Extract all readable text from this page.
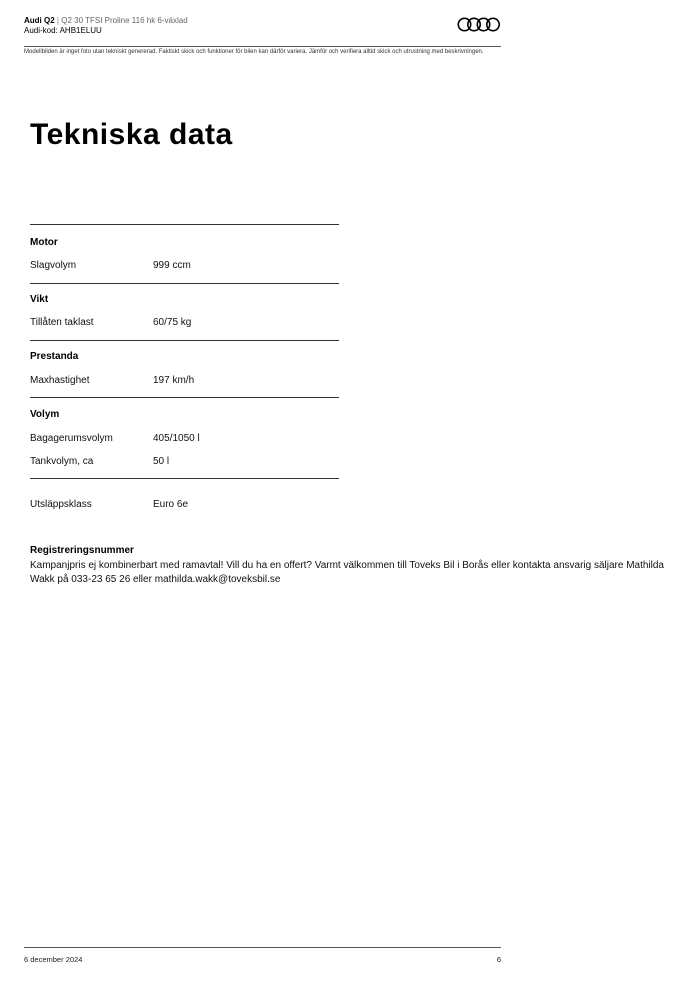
Audi Q2 | Q2 30 TFSI Proline 116 hk 6-växlad
Audi-kod: AHB1ELUU
Modellbilden är inget foto utan tekniskt genererad. Faktiskt skick och funktioner för bilen kan därför variera. Jämför och verifiera alltid skick och utrustning med beskrivningen.
Tekniska data
Motor
Slagvolym	999 ccm
Vikt
Tillåten taklast	60/75 kg
Prestanda
Maxhastighet	197 km/h
Volym
Bagagerumsvolym	405/1050 l
Tankvolym, ca	50 l
Utsläppsklass	Euro 6e
Registreringsnummer
Kampanjpris ej kombinerbart med ramavtal! Vill du ha en offert? Varmt välkommen till Toveks Bil i Borås eller kontakta ansvarig säljare Mathilda Wakk på 033-23 65 26 eller mathilda.wakk@toveksbil.se
6 december 2024	6
